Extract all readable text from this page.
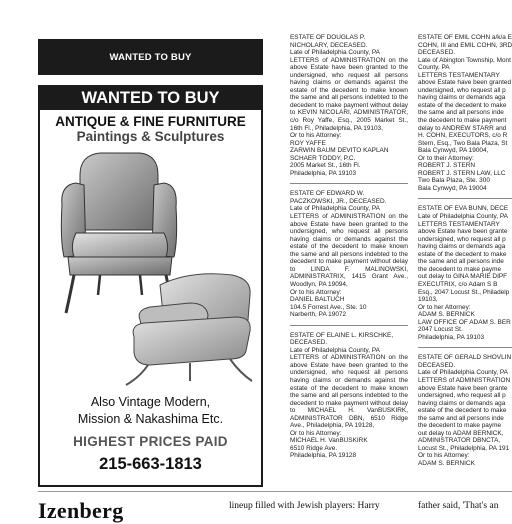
WANTED TO BUY
WANTED TO BUY
ANTIQUE & FINE FURNITURE
Paintings & Sculptures
Also Vintage Modern,
Mission & Nakashima Etc.
HIGHEST PRICES PAID
215-663-1813

ESTATE OF DOUGLAS P.
NICHOLARY, DECEASED.
Late of Philadelphia County, PA
LETTERS of ADMINISTRATION on the above Estate have been granted to the undersigned, who request all persons having claims or demands against the estate of the decedent to make known the same and all persons indebted to the decedent to make payment without delay to KEVIN NICOLARI, ADMINISTRATOR, c/o Roy Yaffe, Esq., 2005 Market St., 16th Fl., Philadelphia, PA 19103,
Or to his Attorney:
ROY YAFFE
ZARWIN BAUM DEVITO KAPLAN
SCHAER TODDY, P.C.
2005 Market St., 16th Fl.
Philadelphia, PA 19103

ESTATE OF EDWARD W.
PACZKOWSKI, JR., DECEASED.
Late of Philadelphia County, PA
LETTERS of ADMINISTRATION on the above Estate have been granted to the undersigned, who request all persons having claims or demands against the estate of the decedent to make known the same and all persons indebted to the decedent to make payment without delay to LINDA F. MALINOWSKI, ADMINISTRATRIX, 1415 Grant Ave., Woodlyn, PA 19094,
Or to his Attorney:
DANIEL BALTUCH
104.5 Forrest Ave., Ste. 10
Narberth, PA 19072

ESTATE OF ELAINE L. KIRSCHKE,
DECEASED.
Late of Philadelphia County, PA
LETTERS of ADMINISTRATION on the above Estate have been granted to the undersigned, who request all persons having claims or demands against the estate of the decedent to make known the same and all persons indebted to the decedent to make payment without delay to MICHAEL H. VanBUSKIRK, ADMINISTRATOR DBN, 6510 Ridge Ave., Philadelphia, PA 19128,
Or to his Attorney:
MICHAEL H. VanBUSKIRK
6510 Ridge Ave.
Philadelphia, PA 19128

ESTATE OF EMIL COHN a/k/a E
COHN, III and EMIL COHN, 3RD
DECEASED.
Late of Abington Township, Mont
County, PA
LETTERS TESTAMENTARY
above Estate have been granted
undersigned, who request all p
having claims or demands aga
estate of the decedent to make
the same and all persons inde
the decedent to make payment
delay to ANDREW STARR and
H. COHN, EXECUTORS, c/o R
Stern, Esq., Two Bala Plaza, St
Bala Cynwyd, PA 19004,
Or to their Attorney:
ROBERT J. STERN
ROBERT J. STERN LAW, LLC
Two Bala Plaza, Ste. 300
Bala Cynwyd, PA 19004

ESTATE OF EVA BUNN, DECE
Late of Philadelphia County, PA
LETTERS TESTAMENTARY
above Estate have been grante
undersigned, who request all p
having claims or demands aga
estate of the decedent to make
the same and all persons inde
the decedent to make payme
out delay to GINA MARIE DIPF
EXECUTRIX, c/o Adam S B
Esq., 2047 Locust St., Philadelp
19103,
Or to her Attorney:
ADAM S. BERNICK
LAW OFFICE OF ADAM S. BER
2047 Locust St.
Philadelphia, PA 19103

ESTATE OF GERALD SHOVLIN
DECEASED.
Late of Philadelphia County, PA
LETTERS of ADMINISTRATION
above Estate have been grante
undersigned, who request all p
having claims or demands aga
estate of the decedent to make
the same and all persons inde
the decedent to make payme
out delay to ADAM BERNICK,
ADMINISTRATOR DBNCTA,
Locust St., Philadelphia, PA 191
Or to his Attorney:
ADAM S. BERNICK

Izenberg	lineup filled with Jewish players: Harry	father said, 'That's an
